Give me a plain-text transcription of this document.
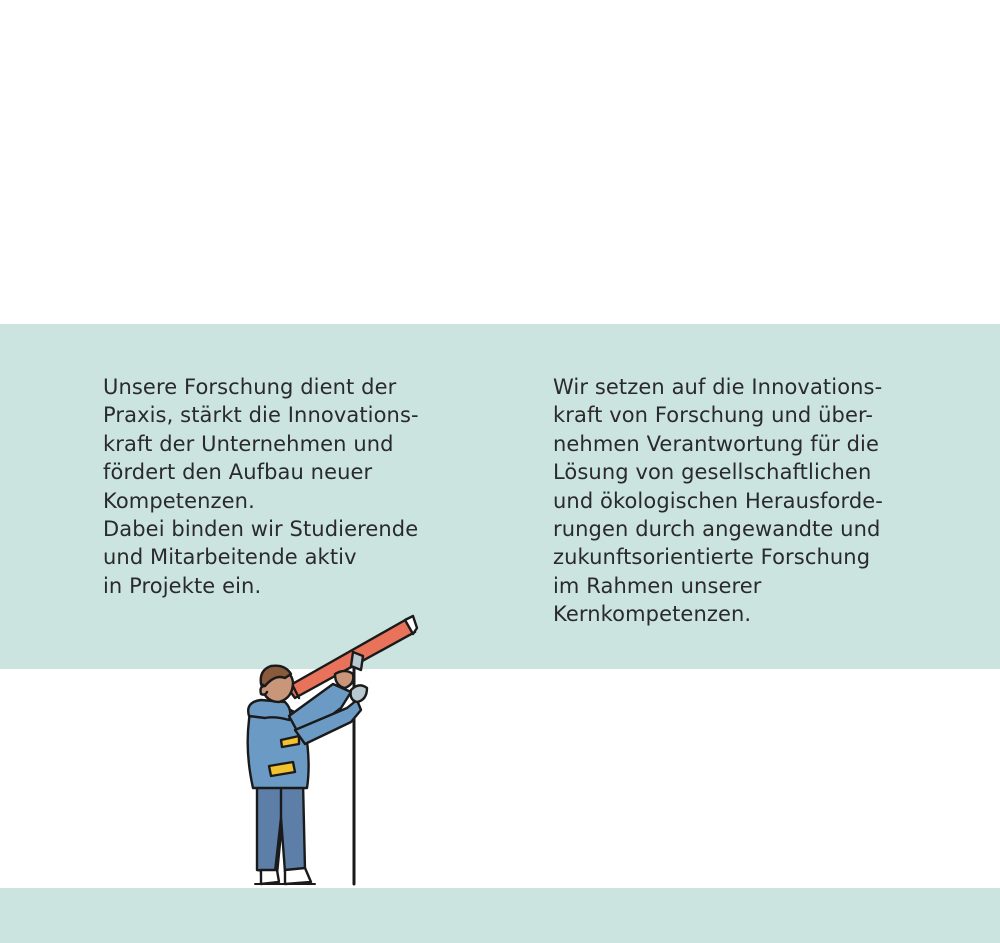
Unsere Forschung dient der
Praxis, stärkt die Innovations-
kraft der Unternehmen und
fördert den Aufbau neuer
Kompetenzen.
Dabei binden wir Studierende
und Mitarbeitende aktiv
in Projekte ein.
Wir setzen auf die Innovations-
kraft von Forschung und über-
nehmen Verantwortung für die
Lösung von gesellschaftlichen
und ökologischen Herausforde-
rungen durch angewandte und
zukunftsorientierte Forschung
im Rahmen unserer
Kernkompetenzen.
